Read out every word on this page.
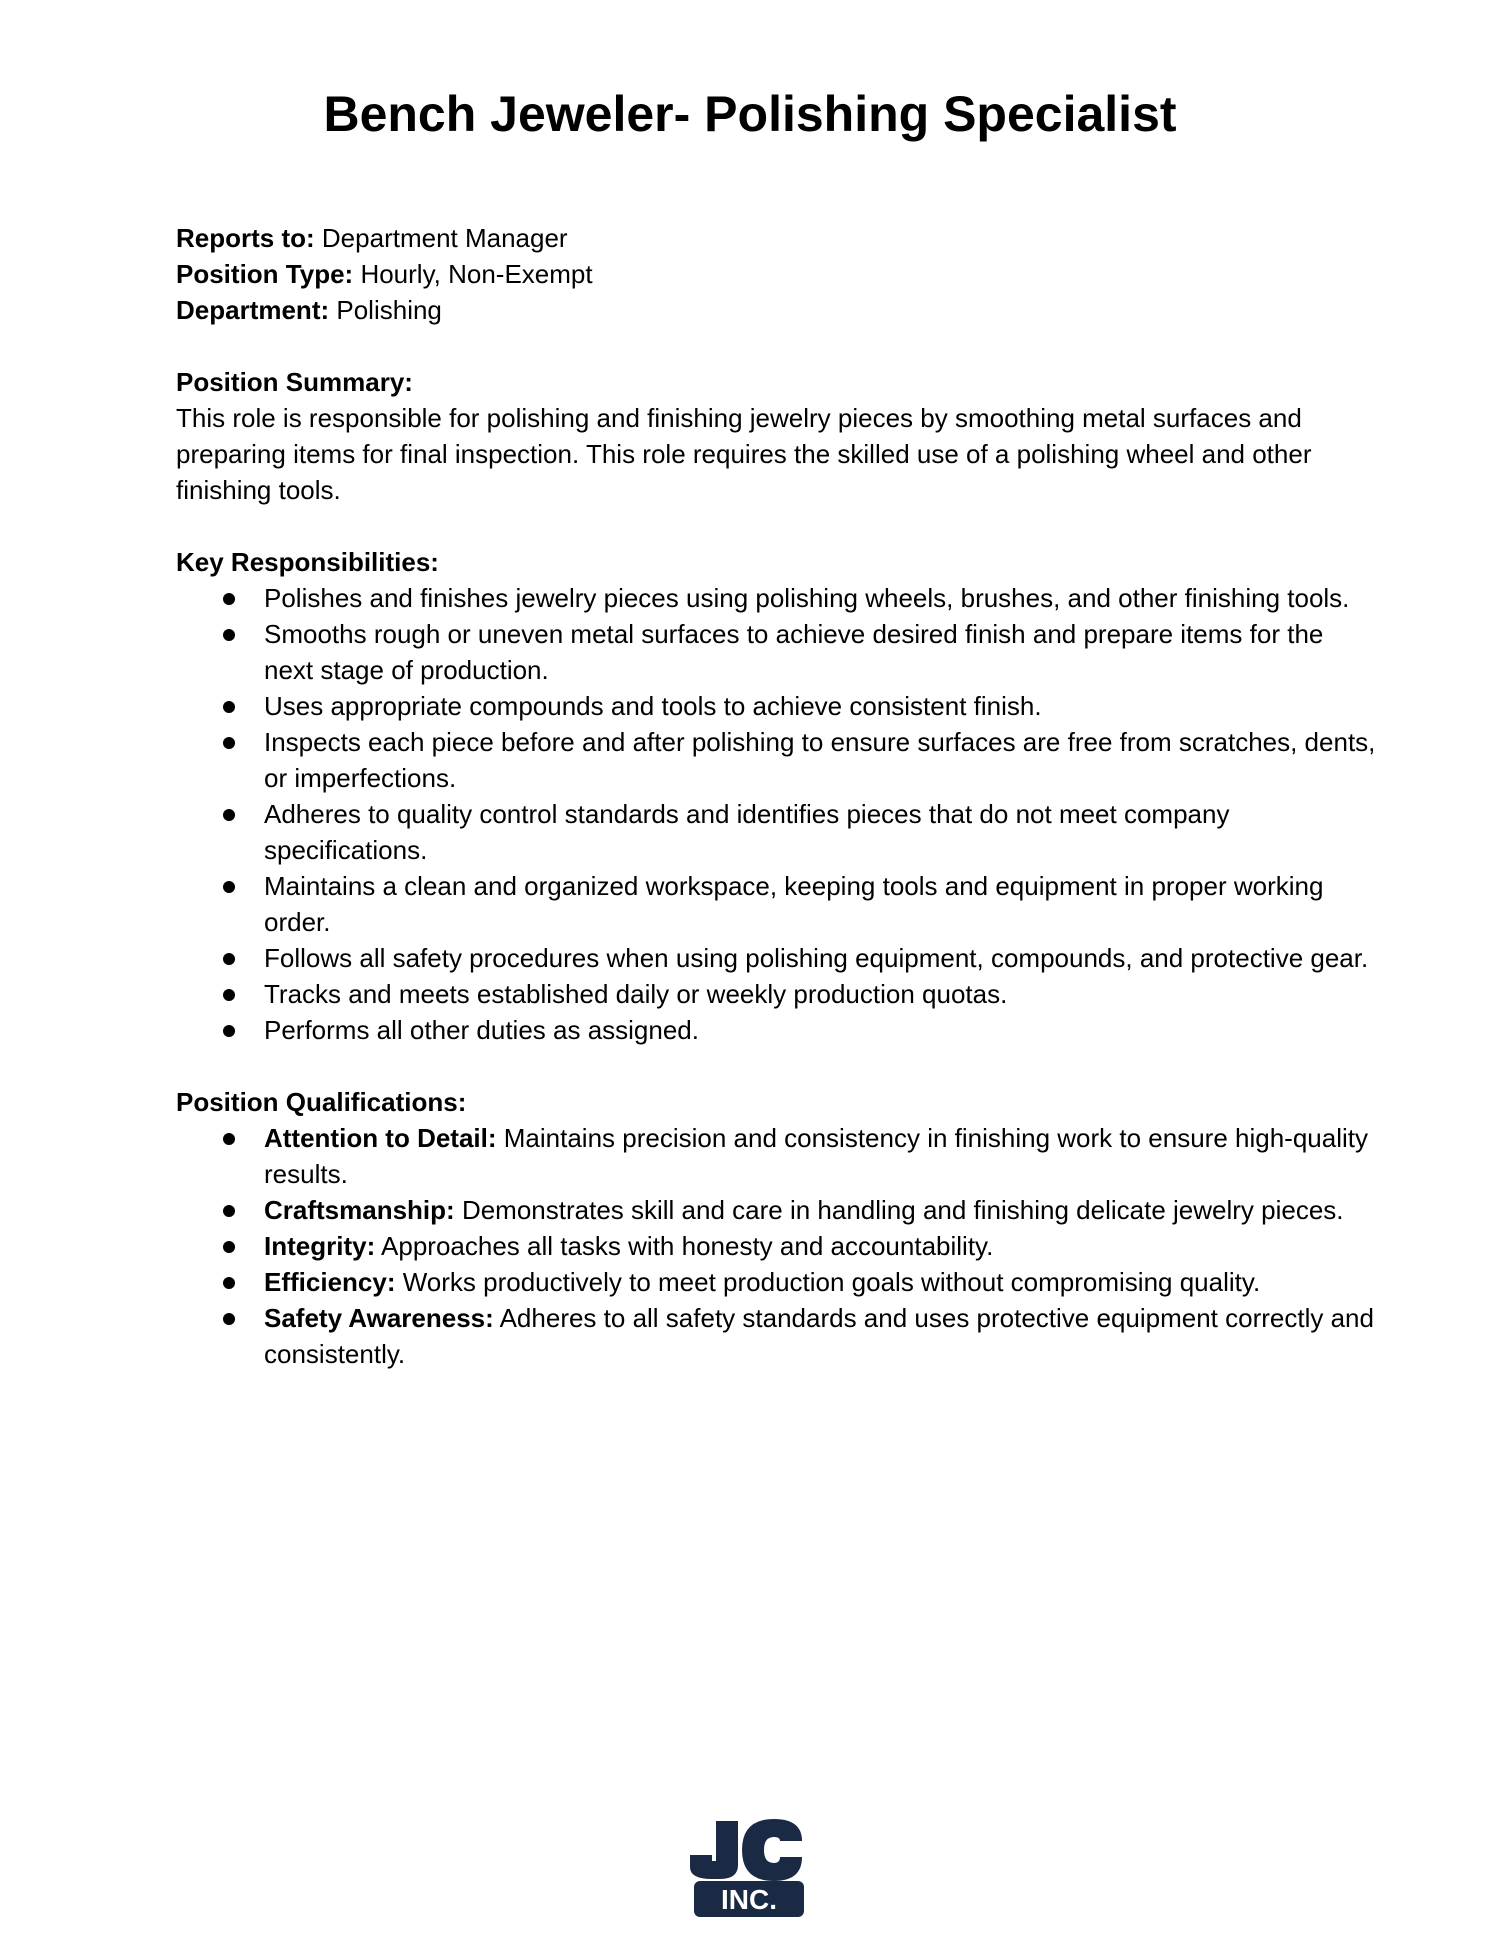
Bench Jeweler- Polishing Specialist

Reports to: Department Manager

Position Type: Hourly, Non-Exempt

Department: Polishing

Position Summary:

This role is responsible for polishing and finishing jewelry pieces by smoothing metal surfaces and preparing items for final inspection. This role requires the skilled use of a polishing wheel and other finishing tools.

Key Responsibilities:

Polishes and finishes jewelry pieces using polishing wheels, brushes, and other finishing tools.
Smooths rough or uneven metal surfaces to achieve desired finish and prepare items for the next stage of production.
Uses appropriate compounds and tools to achieve consistent finish.
Inspects each piece before and after polishing to ensure surfaces are free from scratches, dents, or imperfections.
Adheres to quality control standards and identifies pieces that do not meet company specifications.
Maintains a clean and organized workspace, keeping tools and equipment in proper working order.
Follows all safety procedures when using polishing equipment, compounds, and protective gear.
Tracks and meets established daily or weekly production quotas.
Performs all other duties as assigned.

Position Qualifications:

Attention to Detail: Maintains precision and consistency in finishing work to ensure high-quality results.
Craftsmanship: Demonstrates skill and care in handling and finishing delicate jewelry pieces.
Integrity: Approaches all tasks with honesty and accountability.
Efficiency: Works productively to meet production goals without compromising quality.
Safety Awareness: Adheres to all safety standards and uses protective equipment correctly and consistently.
INC.
